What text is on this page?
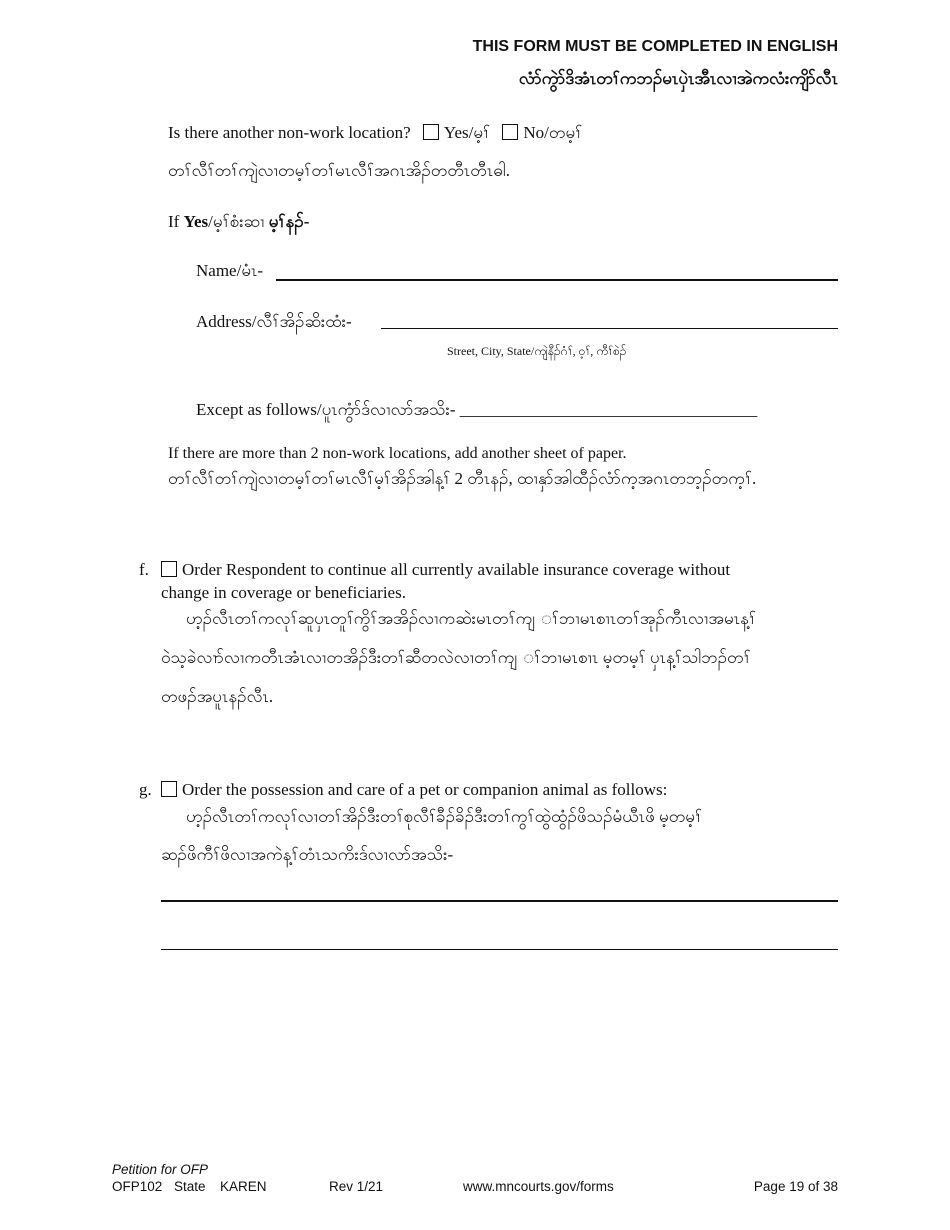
THIS FORM MUST BE COMPLETED IN ENGLISH
လံာ်ကွဲာ်ဒိအံၤတၢ်ကဘၣ်မၤပှဲၤအီၤလၢအဲကလံးကျိာ်လီၤ
Is there another non-work location? Yes/မ့ၢ် No/တမ့ၢ်
တၢ်လီၢ်တၢ်ကျဲလၢတမ့ၢ်တၢ်မၤလီၢ်အဂၤအိၣ်တတီၤတီၤဓါ.
If Yes/မ့ၢ်စံးဆၢ မ့ၢ်နၣ်-
Name/မံၤ-
Address/လီၢ်အိၣ်ဆိးထံး-
Street, City, State/ကျဲနီၣ်ဂံၢ်, ဝ့ၢ်, ကီၢ်စဲၣ်
Except as follows/ပူၤကွံာ်ဒ်လၢလာ်အသိး- ___________________________________
If there are more than 2 non-work locations, add another sheet of paper.
တၢ်လီၢ်တၢ်ကျဲလၢတမ့ၢ်တၢ်မၤလီၢ်မ့ၢ်အိၣ်အါန့ၢ် 2 တီၤနၣ်, ထၢနှာ်အါထီၣ်လံာ်က့အဂၤတဘ့ၣ်တက့ၢ်.
f.	Order Respondent to continue all currently available insurance coverage without
change in coverage or beneficiaries.
ဟ့ၣ်လီၤတၢ်ကလုၢ်ဆူပှၤတူၢ်ကွိၢ်အအိၣ်လၢကဆဲးမၤတၢ်ကျ ၢ်ဘၢမၤစၢၤတၢ်အုၣ်ကီၤလၢအမၤန့ၢ်
ဝဲသ့ခဲလၢာ်လၢကတီၤအံၤလၢတအိၣ်ဒီးတၢ်ဆီတလဲလၢတၢ်ကျ ၢ်ဘၢမၤစၢၤ မ့တမ့ၢ် ပှၤန့ၢ်သါဘၣ်တၢ်
တဖၣ်အပူၤနၣ်လီၤ.
g.	Order the possession and care of a pet or companion animal as follows:
ဟ့ၣ်လီၤတၢ်ကလုၢ်လၢတၢ်အိၣ်ဒီးတၢ်စုလီၢ်ခီၣ်ခိၣ်ဒီးတၢ်ကွၢ်ထွဲထွံၣ်ဖိသၣ်မံယီၤဖိ မ့တမ့ၢ်
ဆၣ်ဖိကီၢ်ဖိလၢအကဲန့ၢ်တံၤသကိးဒ်လၢလာ်အသိး-
Petition for OFP
OFP102 State KAREN	Rev 1/21	www.mncourts.gov/forms	Page 19 of 38
